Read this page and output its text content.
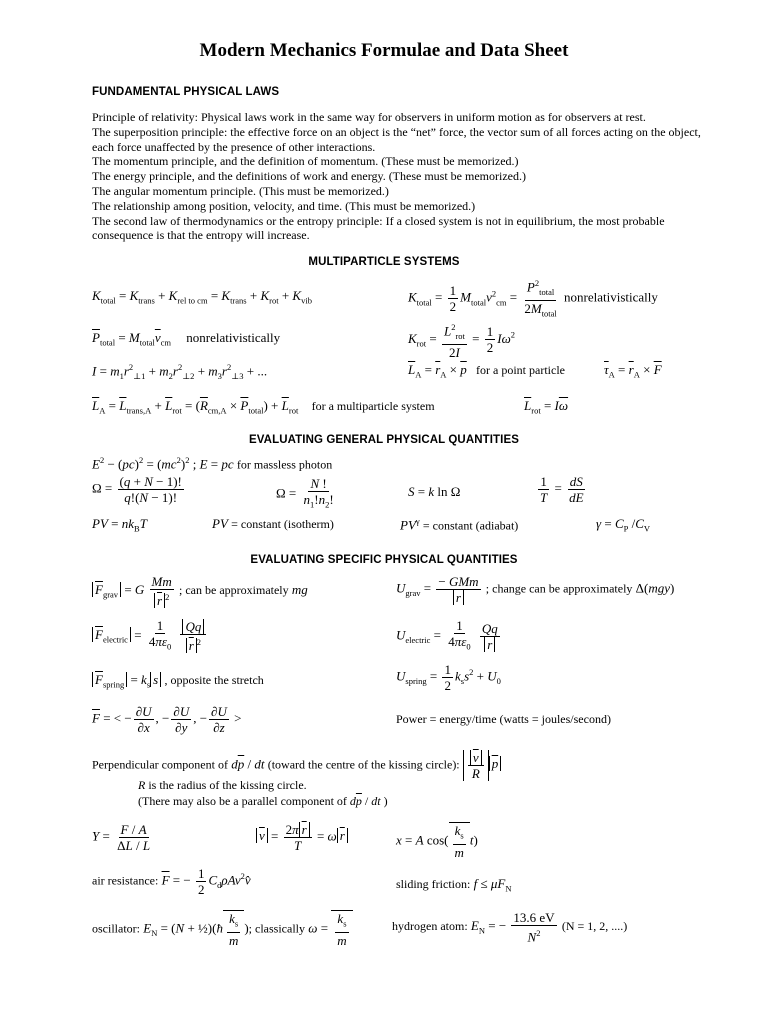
Modern Mechanics Formulae and Data Sheet
FUNDAMENTAL PHYSICAL LAWS
Principle of relativity: Physical laws work in the same way for observers in uniform motion as for observers at rest.
The superposition principle: the effective force on an object is the “net” force, the vector sum of all forces acting on the object, each force unaffected by the presence of other interactions.
The momentum principle, and the definition of momentum. (These must be memorized.)
The energy principle, and the definitions of work and energy. (These must be memorized.)
The angular momentum principle. (This must be memorized.)
The relationship among position, velocity, and time. (This must be memorized.)
The second law of thermodynamics or the entropy principle: If a closed system is not in equilibrium, the most probable consequence is that the entropy will increase.
MULTIPARTICLE SYSTEMS
$K_{total} = K_{trans} + K_{rel to cm} = K_{trans} + K_{rot} + K_{vib}$	$K_{total} = \frac{1}{2} M_{total}v^2_{cm} = \frac{P^2_{total}}{2M_{total}}$ nonrelativistically
$\overline{P}_{total} = M_{total}\overline{v}_{cm}$ nonrelativistically	$K_{rot} = \frac{L^2_{rot}}{2I} = \frac{1}{2} I\omega^2$
$I = m_1r^2_{\perp 1} + m_2r^2_{\perp 2} + m_3r^2_{\perp 3}$ + ...	$\overline{L}_A = \overline{r}_A \times \overline{p}$ for a point particle	$\overline{\tau}_A = \overline{r}_A \times \overline{F}$
$\overline{L}_A = \overline{L}_{trans,A} + \overline{L}_{rot} = (\overline{R}_{cm,A} \times \overline{P}_{total}) + \overline{L}_{rot}$ for a multiparticle system	$\overline{L}_{rot} = I\overline{\omega}$
EVALUATING GENERAL PHYSICAL QUANTITIES
$E^2 - (pc)^2 = (mc^2)^2$ ; E = pc for massless photon
$\Omega = \frac{(q + N - 1)!}{q!(N - 1)!}$	$\Omega = \frac{N !}{n_1!n_2!}$	S = k ln Ω	$\frac{1}{T} = \frac{dS}{dE}$
PV = $nk_BT$	PV = constant (isotherm)	$PV^\gamma$ = constant (adiabat)	$\gamma = C_P$ $/C_V$
EVALUATING SPECIFIC PHYSICAL QUANTITIES
$\overline{F}_{grav} = G \frac{Mm}{\overline{r} ^2}$ ; can be approximately mg	$U_{grav} = \frac{\text{− GMm}}{r}$ ; change can be approximately Δ(mgy)
$\overline{F}_{electric} = \frac{1}{4\pi\varepsilon_0}$
$\frac{Qq}{\overline{r} ^2}$	$U_{electric} = \frac{1}{4\pi\varepsilon_0}$
$\frac{Qq}{r}$
$\overline{F}_{spring} = k_s$ s , opposite the stretch	$U_{spring} = \frac{1}{2} k_ss^2 + U_0$
$\overline{F}$ = < − $\frac{\partial U}{\partial x}$ , − $\frac{\partial U}{\partial y}$ , − $\frac{\partial U}{\partial z}$ >	Power = energy/time (watts = joules/second)
Perpendicular component of $d\overline{p}$ / dt (toward the centre of the kissing circle): $\frac{\overline{v}}{R} \overline{p}$
R is the radius of the kissing circle.
(There may also be a parallel component of $d\overline{p}$ / dt )
$Y = \frac{F / A}{\Delta L / L}$	$\overline{v} = \frac{2\pi \overline{r}}{T} = \omega$ $\overline{r}$	x = A $\cos( \frac{k_s}{m} t)$
air resistance: $\overline{F}$ = − $\frac{1}{2}$ $C_d\rho Av^2v̂$	sliding friction: $f \le \mu F_N$
oscillator: $E_N = (N$ + ½)(ħ $\frac{k_s}{m}$ ); classically $\omega = \frac{k_s}{m}$	hydrogen atom: $E_N$ = − $\frac{13.6 eV}{N^2} (N = 1$, 2, ....)
